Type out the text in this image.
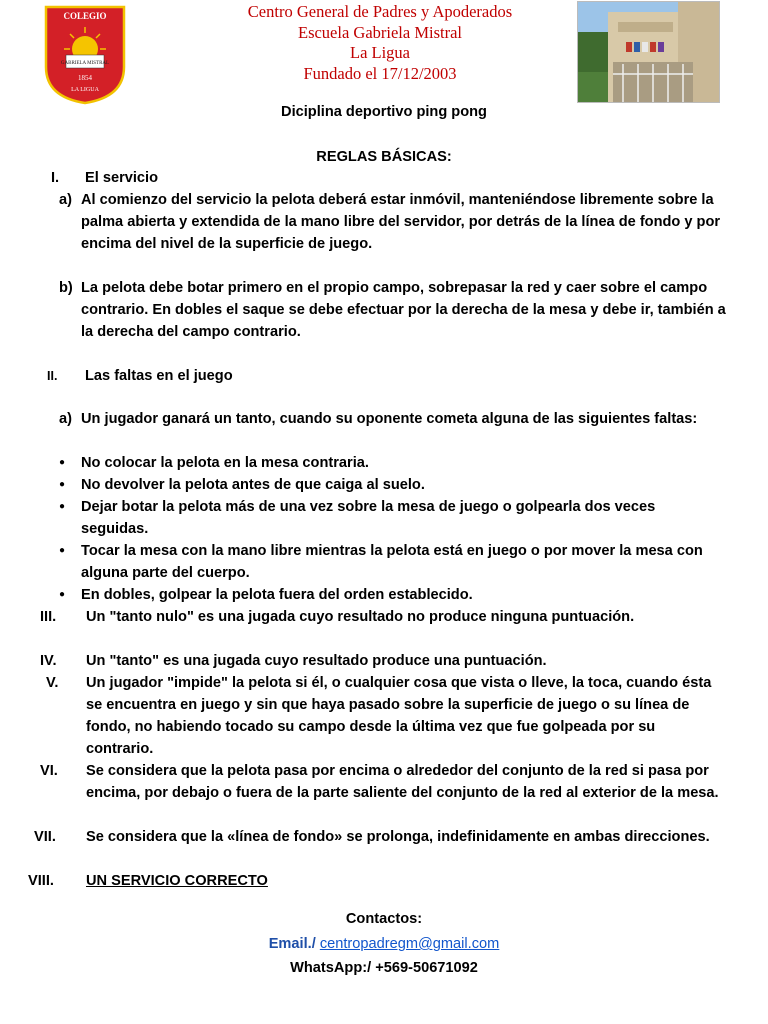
COLEGIO
GABRIELA MISTRAL
1854
LA LIGUA
Centro General de Padres y Apoderados
Escuela Gabriela Mistral
La Ligua
Fundado el 17/12/2003
Diciplina deportivo ping pong
REGLAS BÁSICAS:
I. El servicio
a) Al comienzo del servicio la pelota deberá estar inmóvil, manteniéndose libremente sobre la palma abierta y extendida de la mano libre del servidor, por detrás de la línea de fondo y por encima del nivel de la superficie de juego.
b) La pelota debe botar primero en el propio campo, sobrepasar la red y caer sobre el campo contrario. En dobles el saque se debe efectuar por la derecha de la mesa y debe ir, también a la derecha del campo contrario.
II. Las faltas en el juego
a) Un jugador ganará un tanto, cuando su oponente cometa alguna de las siguientes faltas:
● No colocar la pelota en la mesa contraria.
● No devolver la pelota antes de que caiga al suelo.
● Dejar botar la pelota más de una vez sobre la mesa de juego o golpearla dos veces seguidas.
● Tocar la mesa con la mano libre mientras la pelota está en juego o por mover la mesa con alguna parte del cuerpo.
● En dobles, golpear la pelota fuera del orden establecido.
III. Un "tanto nulo" es una jugada cuyo resultado no produce ninguna puntuación.
IV. Un "tanto" es una jugada cuyo resultado produce una puntuación.
V. Un jugador "impide" la pelota si él, o cualquier cosa que vista o lleve, la toca, cuando ésta se encuentra en juego y sin que haya pasado sobre la superficie de juego o su línea de fondo, no habiendo tocado su campo desde la última vez que fue golpeada por su contrario.
VI. Se considera que la pelota pasa por encima o alrededor del conjunto de la red si pasa por encima, por debajo o fuera de la parte saliente del conjunto de la red al exterior de la mesa.
VII. Se considera que la «línea de fondo» se prolonga, indefinidamente en ambas direcciones.
VIII. UN SERVICIO CORRECTO
Contactos:
Email./ centropadregm@gmail.com
WhatsApp:/ +569-50671092
